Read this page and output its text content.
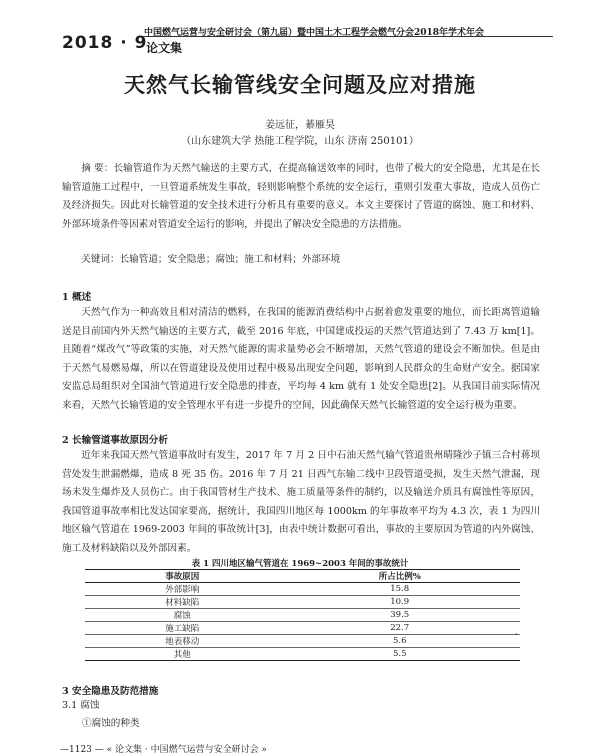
2018 · 9
中国燃气运营与安全研讨会（第九届）暨中国土木工程学会燃气分会2018年学术年会
论文集
天然气长输管线安全问题及应对措施
姜远征，綦雁昊
（山东建筑大学 热能工程学院，山东 济南 250101）
摘 要：长输管道作为天然气输送的主要方式，在提高输送效率的同时，也带了极大的安全隐患，尤其是在长输管道施工过程中，一旦管道系统发生事故，轻则影响整个系统的安全运行，重则引发重大事故，造成人员伤亡及经济损失。因此对长输管道的安全技术进行分析具有重要的意义。本文主要探讨了管道的腐蚀、施工和材料、外部环境条件等因素对管道安全运行的影响，并提出了解决安全隐患的方法措施。
关键词：长输管道；安全隐患；腐蚀；施工和材料；外部环境
1 概述
天然气作为一种高效且相对清洁的燃料，在我国的能源消费结构中占据着愈发重要的地位，而长距离管道输送是目前国内外天然气输送的主要方式，截至 2016 年底，中国建成投运的天然气管道达到了 7.43 万 km[1]。且随着“煤改气”等政策的实施，对天然气能源的需求量势必会不断增加，天然气管道的建设会不断加快。但是由于天然气易燃易爆，所以在管道建设及使用过程中极易出现安全问题，影响到人民群众的生命财产安全。据国家安监总局组织对全国油气管道进行安全隐患的排查，平均每 4 km 就有 1 处安全隐患[2]。从我国目前实际情况来看，天然气长输管道的安全管理水平有进一步提升的空间，因此确保天然气长输管道的安全运行极为重要。
2 长输管道事故原因分析
近年来我国天然气管道事故时有发生，2017 年 7 月 2 日中石油天然气输气管道贵州晴隆沙子镇三合村蒋坝营处发生泄漏燃爆，造成 8 死 35 伤。2016 年 7 月 21 日西气东输二线中卫段管道受损，发生天然气泄漏，现场未发生爆炸及人员伤亡。由于我国管材生产技术、施工质量等条件的制约，以及输送介质具有腐蚀性等原因，我国管道事故率相比发达国家要高，据统计，我国四川地区每 1000km 的年事故率平均为 4.3 次，表 1 为四川地区输气管道在 1969-2003 年间的事故统计[3]，由表中统计数据可看出，事故的主要原因为管道的内外腐蚀、施工及材料缺陷以及外部因素。
表 1 四川地区输气管道在 1969~2003 年间的事故统计
事故原因	所占比例%
外部影响	15.8
材料缺陷	10.9
腐蚀	39.5
施工缺陷	22.7
地表移动	5.6
其他	5.5
·
3 安全隐患及防范措施
3.1 腐蚀
①腐蚀的种类
—1123 — « 论文集 · 中国燃气运营与安全研讨会 »
